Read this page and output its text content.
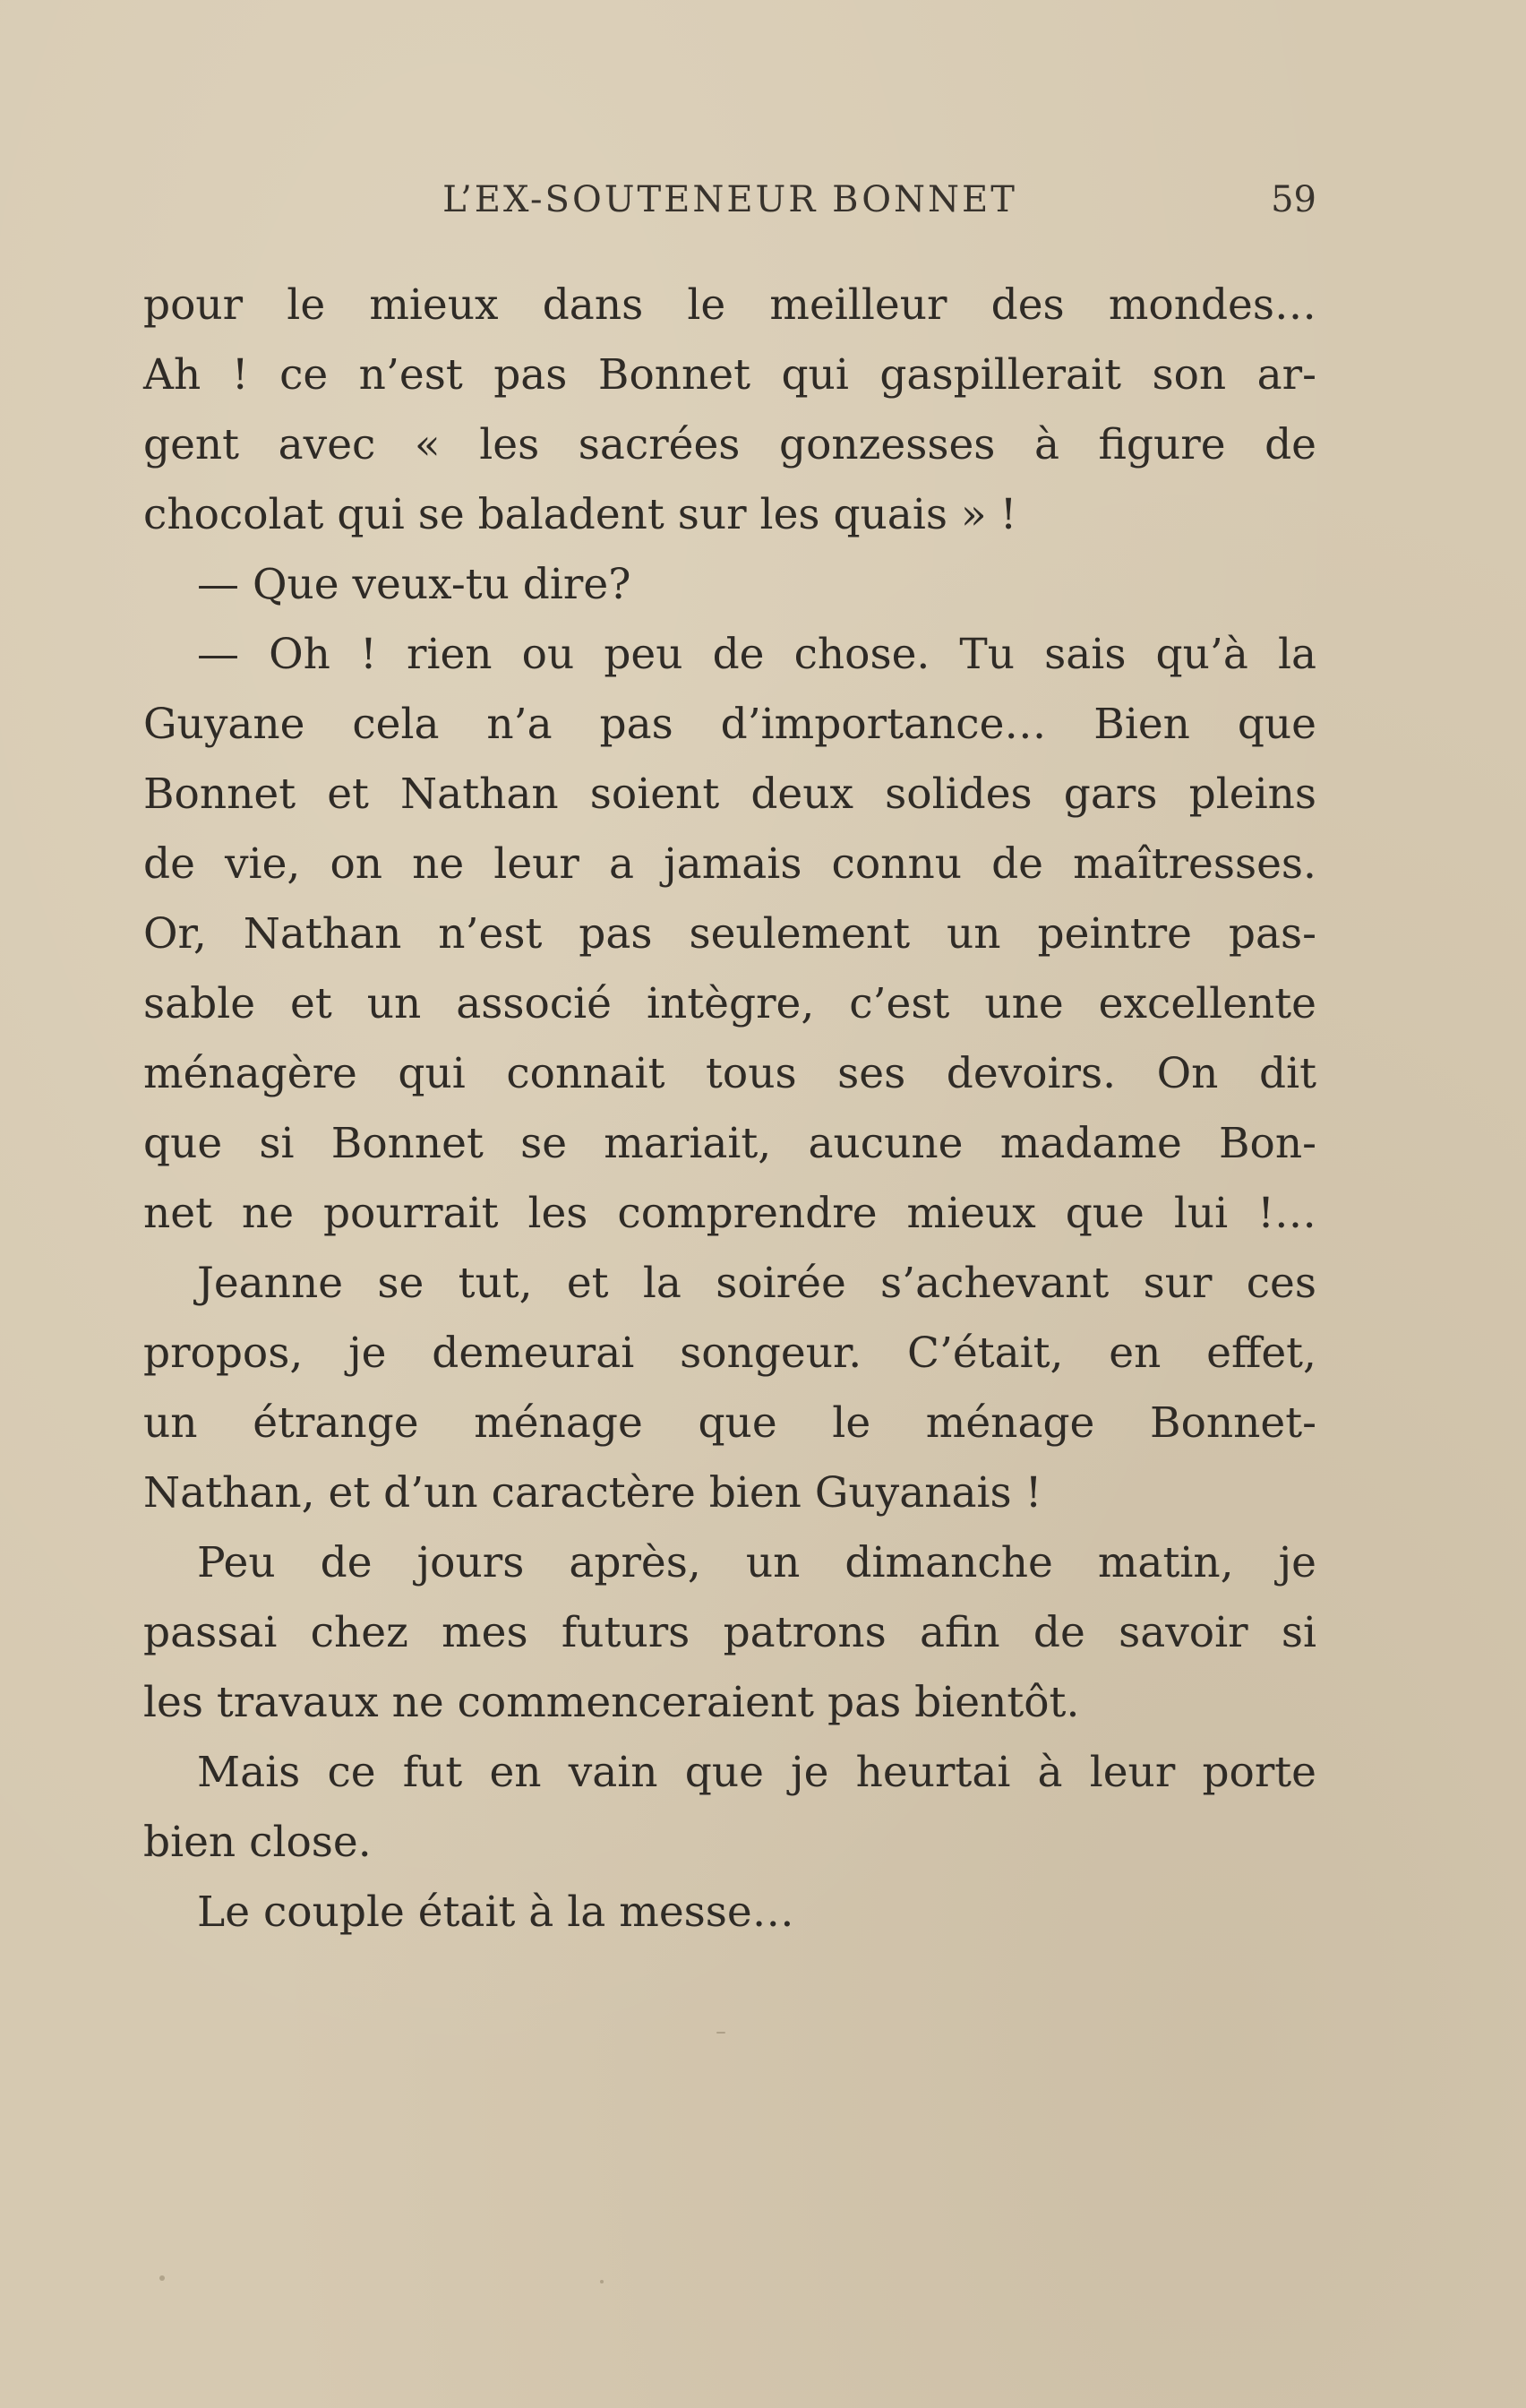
L’EX-SOUTENEUR BONNET	59
pour le mieux dans le meilleur des mondes…
Ah ! ce n’est pas Bonnet qui gaspillerait son ar-
gent avec « les sacrées gonzesses à figure de
chocolat qui se baladent sur les quais » !
— Que veux-tu dire?
— Oh ! rien ou peu de chose. Tu sais qu’à la
Guyane cela n’a pas d’importance… Bien que
Bonnet et Nathan soient deux solides gars pleins
de vie, on ne leur a jamais connu de maîtresses.
Or, Nathan n’est pas seulement un peintre pas-
sable et un associé intègre, c’est une excellente
ménagère qui connait tous ses devoirs. On dit
que si Bonnet se mariait, aucune madame Bon-
net ne pourrait les comprendre mieux que lui !…
Jeanne se tut, et la soirée s’achevant sur ces
propos, je demeurai songeur. C’était, en effet,
un étrange ménage que le ménage Bonnet-
Nathan, et d’un caractère bien Guyanais !
Peu de jours après, un dimanche matin, je
passai chez mes futurs patrons afin de savoir si
les travaux ne commenceraient pas bientôt.
Mais ce fut en vain que je heurtai à leur porte
bien close.
Le couple était à la messe…
